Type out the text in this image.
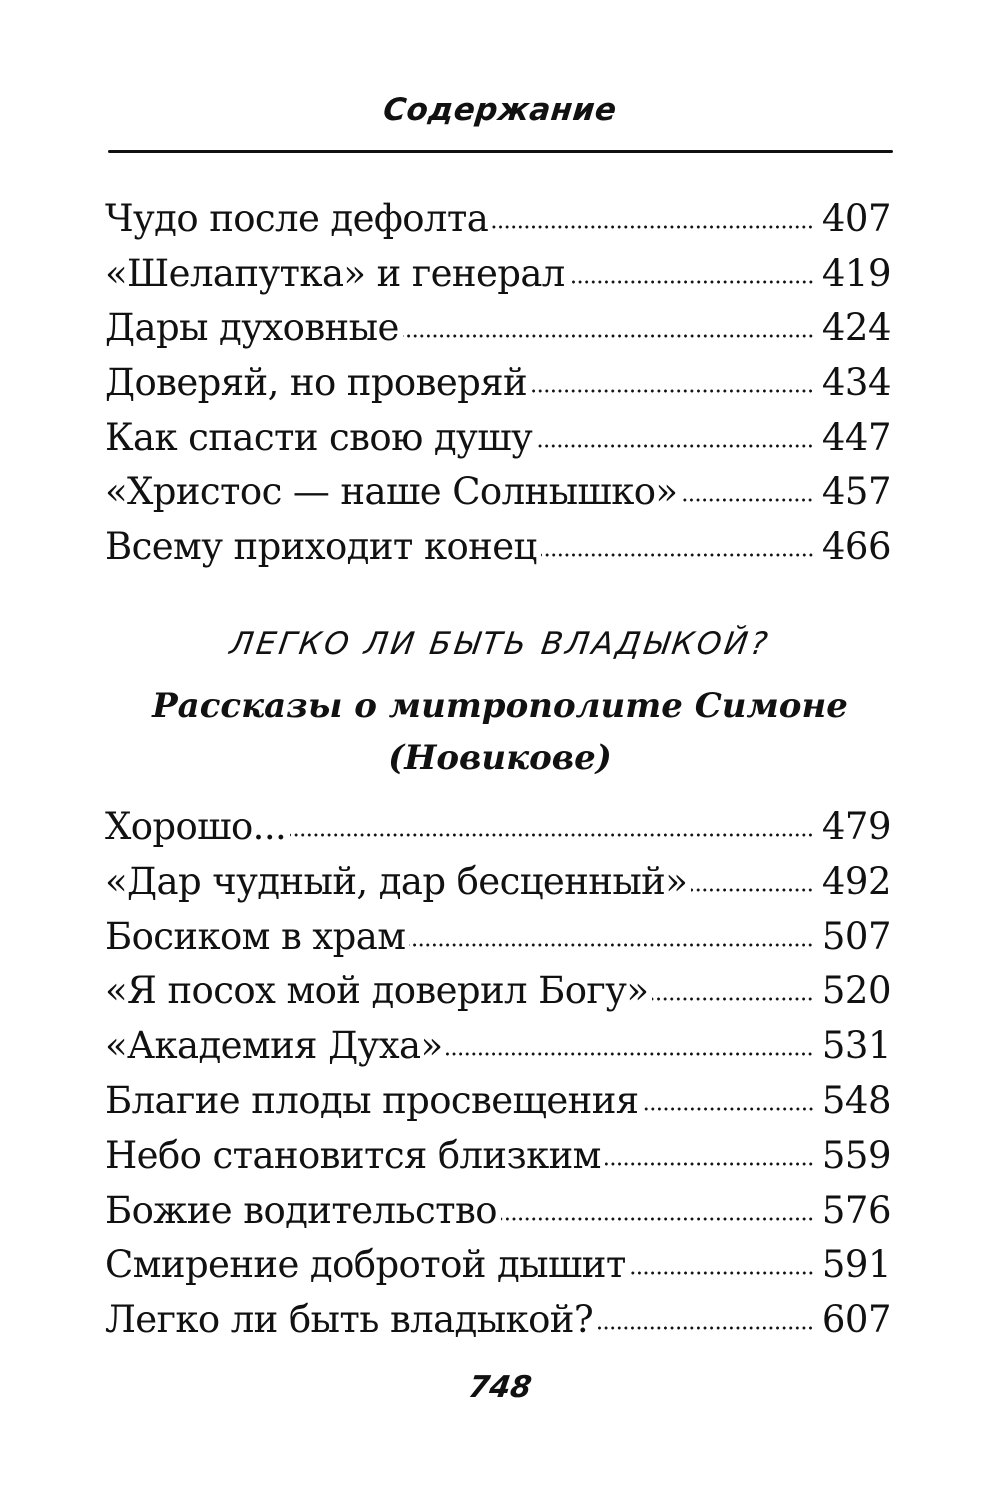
Содержание
Чудо после дефолта	407
«Шелапутка» и генерал	419
Дары духовные	424
Доверяй, но проверяй	434
Как спасти свою душу	447
«Христос — наше Солнышко»	457
Всему приходит конец	466
ЛЕГКО ЛИ БЫТЬ ВЛАДЫКОЙ?
Рассказы о митрополите Симоне
(Новикове)
Хорошо...	479
«Дар чудный, дар бесценный»	492
Босиком в храм	507
«Я посох мой доверил Богу»	520
«Академия Духа»	531
Благие плоды просвещения	548
Небо становится близким	559
Божие водительство	576
Смирение добротой дышит	591
Легко ли быть владыкой?	607
748
